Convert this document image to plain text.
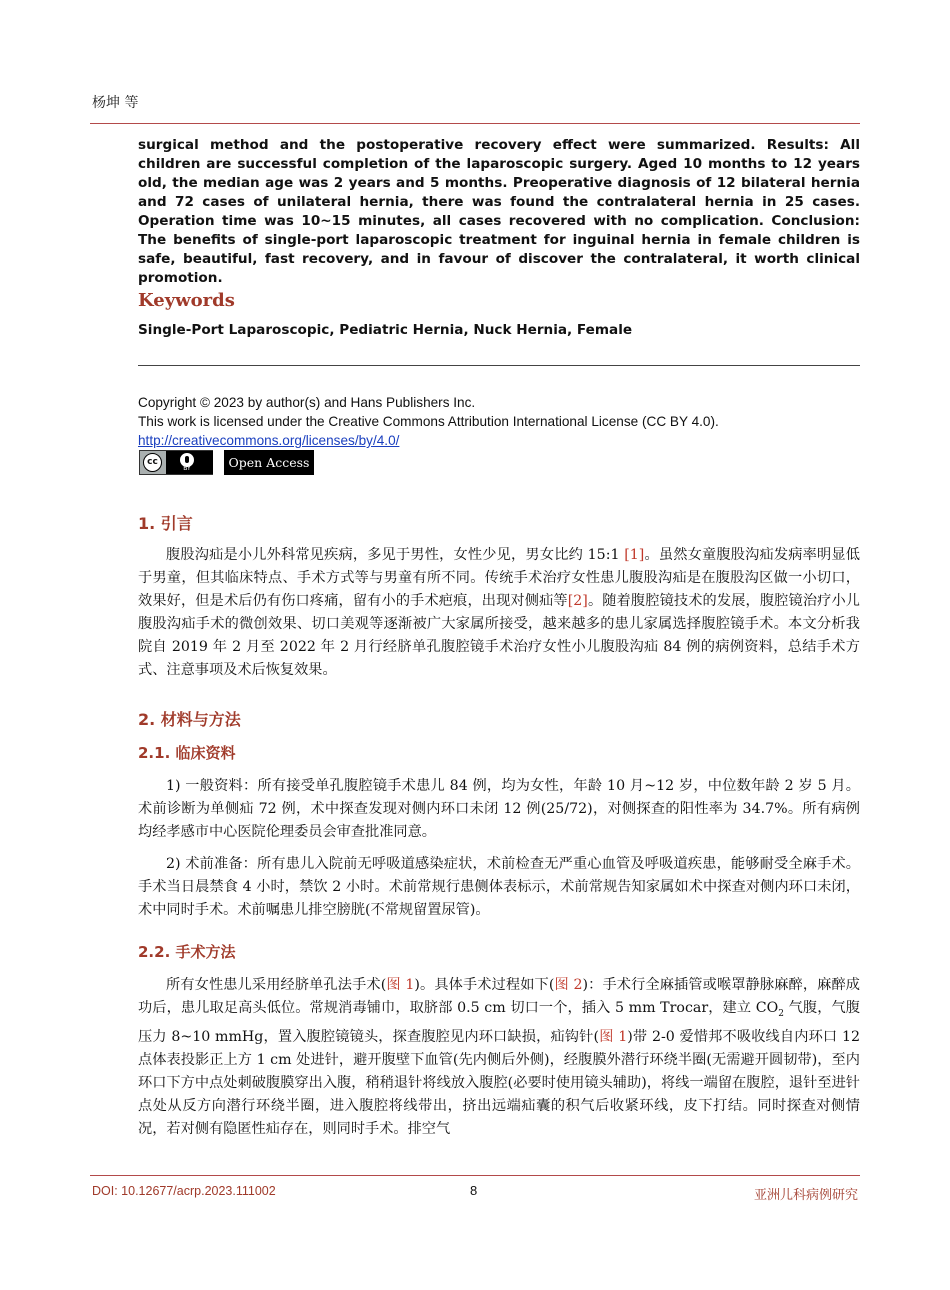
杨坤 等
surgical method and the postoperative recovery effect were summarized. Results: All children are successful completion of the laparoscopic surgery. Aged 10 months to 12 years old, the median age was 2 years and 5 months. Preoperative diagnosis of 12 bilateral hernia and 72 cases of unilateral hernia, there was found the contralateral hernia in 25 cases. Operation time was 10~15 minutes, all cases recovered with no complication. Conclusion: The benefits of single-port laparoscopic treatment for inguinal hernia in female children is safe, beautiful, fast recovery, and in favour of discover the contralateral, it worth clinical promotion.
Keywords
Single-Port Laparoscopic, Pediatric Hernia, Nuck Hernia, Female
Copyright © 2023 by author(s) and Hans Publishers Inc.
This work is licensed under the Creative Commons Attribution International License (CC BY 4.0).
http://creativecommons.org/licenses/by/4.0/
cc
BY	Open Access
1. 引言
腹股沟疝是小儿外科常见疾病，多见于男性，女性少见，男女比约 15:1 [1]。虽然女童腹股沟疝发病率明显低于男童，但其临床特点、手术方式等与男童有所不同。传统手术治疗女性患儿腹股沟疝是在腹股沟区做一小切口，效果好，但是术后仍有伤口疼痛，留有小的手术疤痕，出现对侧疝等[2]。随着腹腔镜技术的发展，腹腔镜治疗小儿腹股沟疝手术的微创效果、切口美观等逐渐被广大家属所接受，越来越多的患儿家属选择腹腔镜手术。本文分析我院自 2019 年 2 月至 2022 年 2 月行经脐单孔腹腔镜手术治疗女性小儿腹股沟疝 84 例的病例资料，总结手术方式、注意事项及术后恢复效果。
2. 材料与方法
2.1. 临床资料
1) 一般资料：所有接受单孔腹腔镜手术患儿 84 例，均为女性，年龄 10 月~12 岁，中位数年龄 2 岁 5 月。术前诊断为单侧疝 72 例，术中探查发现对侧内环口未闭 12 例(25/72)，对侧探查的阳性率为 34.7%。所有病例均经孝感市中心医院伦理委员会审查批准同意。
2) 术前准备：所有患儿入院前无呼吸道感染症状，术前检查无严重心血管及呼吸道疾患，能够耐受全麻手术。手术当日晨禁食 4 小时，禁饮 2 小时。术前常规行患侧体表标示，术前常规告知家属如术中探查对侧内环口未闭，术中同时手术。术前嘱患儿排空膀胱(不常规留置尿管)。
2.2. 手术方法
所有女性患儿采用经脐单孔法手术(图 1)。具体手术过程如下(图 2)：手术行全麻插管或喉罩静脉麻醉，麻醉成功后，患儿取足高头低位。常规消毒铺巾，取脐部 0.5 cm 切口一个，插入 5 mm Trocar，建立 $CO_2$ 气腹，气腹压力 8~10 mmHg，置入腹腔镜镜头，探查腹腔见内环口缺损，疝钩针(图 1)带 2-0 爱惜邦不吸收线自内环口 12 点体表投影正上方 1 cm 处进针，避开腹壁下血管(先内侧后外侧)，经腹膜外潜行环绕半圈(无需避开圆韧带)，至内环口下方中点处刺破腹膜穿出入腹，稍稍退针将线放入腹腔(必要时使用镜头辅助)，将线一端留在腹腔，退针至进针点处从反方向潜行环绕半圈，进入腹腔将线带出，挤出远端疝囊的积气后收紧环线，皮下打结。同时探查对侧情况，若对侧有隐匿性疝存在，则同时手术。排空气
DOI: 10.12677/acrp.2023.111002	8	亚洲儿科病例研究
